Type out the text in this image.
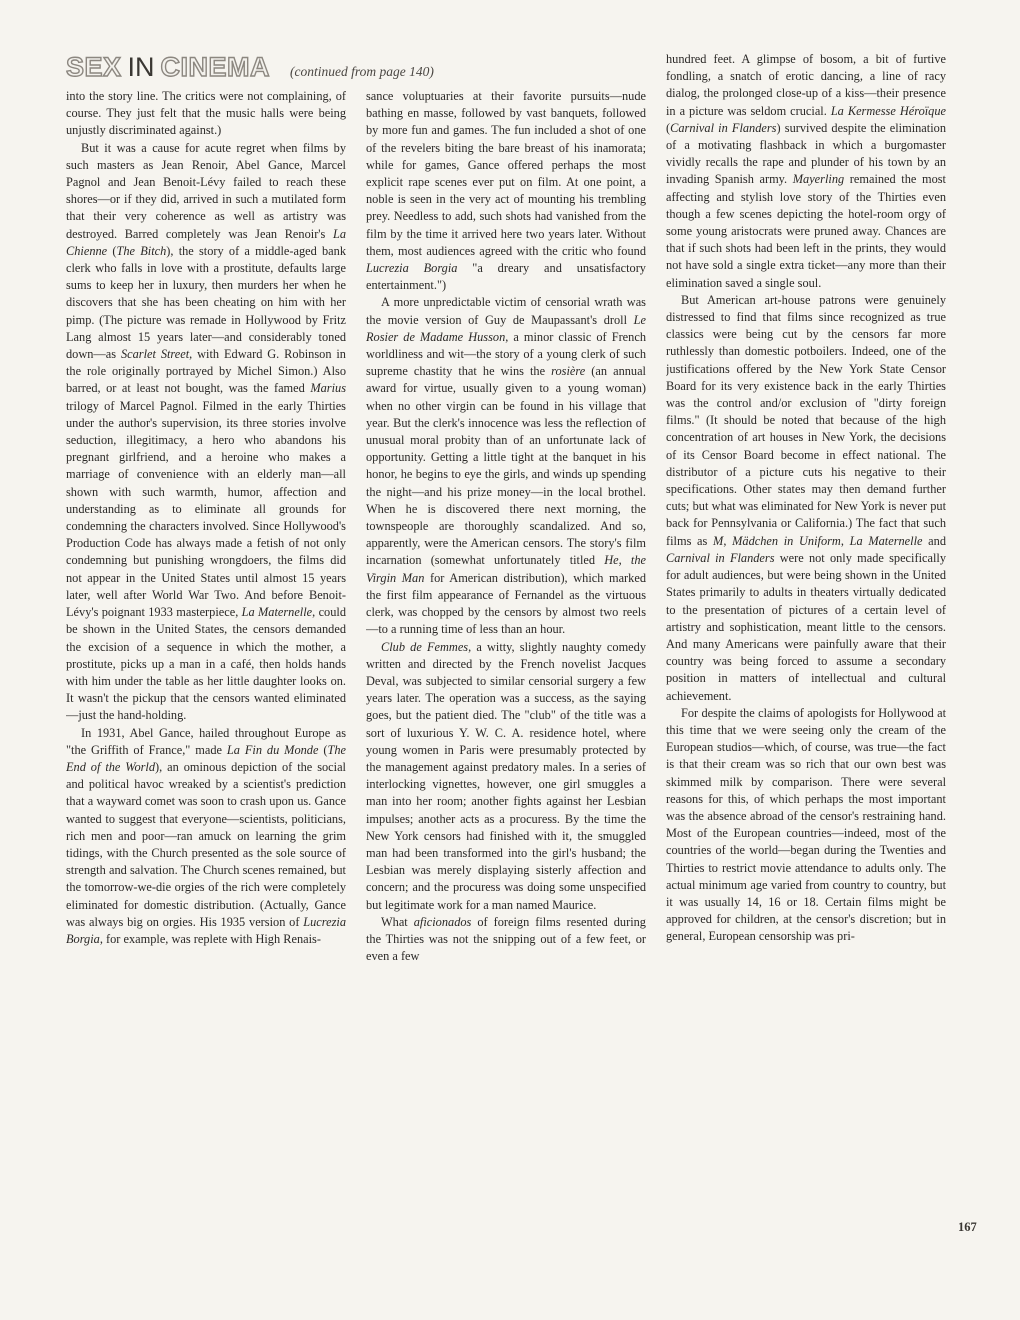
SEX IN CINEMA (continued from page 140)

into the story line. The critics were not complaining, of course. They just felt that the music halls were being unjustly discriminated against.)

But it was a cause for acute regret when films by such masters as Jean Renoir, Abel Gance, Marcel Pagnol and Jean Benoit-Lévy failed to reach these shores—or if they did, arrived in such a mutilated form that their very coherence as well as artistry was destroyed. Barred completely was Jean Renoir's La Chienne (The Bitch), the story of a middle-aged bank clerk who falls in love with a prostitute, defaults large sums to keep her in luxury, then murders her when he discovers that she has been cheating on him with her pimp. (The picture was remade in Hollywood by Fritz Lang almost 15 years later—and considerably toned down—as Scarlet Street, with Edward G. Robinson in the role originally portrayed by Michel Simon.) Also barred, or at least not bought, was the famed Marius trilogy of Marcel Pagnol. Filmed in the early Thirties under the author's supervision, its three stories involve seduction, illegitimacy, a hero who abandons his pregnant girlfriend, and a heroine who makes a marriage of convenience with an elderly man—all shown with such warmth, humor, affection and understanding as to eliminate all grounds for condemning the characters involved. Since Hollywood's Production Code has always made a fetish of not only condemning but punishing wrongdoers, the films did not appear in the United States until almost 15 years later, well after World War Two. And before Benoit-Lévy's poignant 1933 masterpiece, La Maternelle, could be shown in the United States, the censors demanded the excision of a sequence in which the mother, a prostitute, picks up a man in a café, then holds hands with him under the table as her little daughter looks on. It wasn't the pickup that the censors wanted eliminated—just the hand-holding.

In 1931, Abel Gance, hailed throughout Europe as "the Griffith of France," made La Fin du Monde (The End of the World), an ominous depiction of the social and political havoc wreaked by a scientist's prediction that a wayward comet was soon to crash upon us. Gance wanted to suggest that everyone—scientists, politicians, rich men and poor—ran amuck on learning the grim tidings, with the Church presented as the sole source of strength and salvation. The Church scenes remained, but the tomorrow-we-die orgies of the rich were completely eliminated for domestic distribution. (Actually, Gance was always big on orgies. His 1935 version of Lucrezia Borgia, for example, was replete with High Renais-

sance voluptuaries at their favorite pursuits—nude bathing en masse, followed by vast banquets, followed by more fun and games. The fun included a shot of one of the revelers biting the bare breast of his inamorata; while for games, Gance offered perhaps the most explicit rape scenes ever put on film. At one point, a noble is seen in the very act of mounting his trembling prey. Needless to add, such shots had vanished from the film by the time it arrived here two years later. Without them, most audiences agreed with the critic who found Lucrezia Borgia "a dreary and unsatisfactory entertainment.")

A more unpredictable victim of censorial wrath was the movie version of Guy de Maupassant's droll Le Rosier de Madame Husson, a minor classic of French worldliness and wit—the story of a young clerk of such supreme chastity that he wins the rosière (an annual award for virtue, usually given to a young woman) when no other virgin can be found in his village that year. But the clerk's innocence was less the reflection of unusual moral probity than of an unfortunate lack of opportunity. Getting a little tight at the banquet in his honor, he begins to eye the girls, and winds up spending the night—and his prize money—in the local brothel. When he is discovered there next morning, the townspeople are thoroughly scandalized. And so, apparently, were the American censors. The story's film incarnation (somewhat unfortunately titled He, the Virgin Man for American distribution), which marked the first film appearance of Fernandel as the virtuous clerk, was chopped by the censors by almost two reels—to a running time of less than an hour.

Club de Femmes, a witty, slightly naughty comedy written and directed by the French novelist Jacques Deval, was subjected to similar censorial surgery a few years later. The operation was a success, as the saying goes, but the patient died. The "club" of the title was a sort of luxurious Y. W. C. A. residence hotel, where young women in Paris were presumably protected by the management against predatory males. In a series of interlocking vignettes, however, one girl smuggles a man into her room; another fights against her Lesbian impulses; another acts as a procuress. By the time the New York censors had finished with it, the smuggled man had been transformed into the girl's husband; the Lesbian was merely displaying sisterly affection and concern; and the procuress was doing some unspecified but legitimate work for a man named Maurice.

What aficionados of foreign films resented during the Thirties was not the snipping out of a few feet, or even a few

hundred feet. A glimpse of bosom, a bit of furtive fondling, a snatch of erotic dancing, a line of racy dialog, the prolonged close-up of a kiss—their presence in a picture was seldom crucial. La Kermesse Héroïque (Carnival in Flanders) survived despite the elimination of a motivating flashback in which a burgomaster vividly recalls the rape and plunder of his town by an invading Spanish army. Mayerling remained the most affecting and stylish love story of the Thirties even though a few scenes depicting the hotel-room orgy of some young aristocrats were pruned away. Chances are that if such shots had been left in the prints, they would not have sold a single extra ticket—any more than their elimination saved a single soul.

But American art-house patrons were genuinely distressed to find that films since recognized as true classics were being cut by the censors far more ruthlessly than domestic potboilers. Indeed, one of the justifications offered by the New York State Censor Board for its very existence back in the early Thirties was the control and/or exclusion of "dirty foreign films." (It should be noted that because of the high concentration of art houses in New York, the decisions of its Censor Board become in effect national. The distributor of a picture cuts his negative to their specifications. Other states may then demand further cuts; but what was eliminated for New York is never put back for Pennsylvania or California.) The fact that such films as M, Mädchen in Uniform, La Maternelle and Carnival in Flanders were not only made specifically for adult audiences, but were being shown in the United States primarily to adults in theaters virtually dedicated to the presentation of pictures of a certain level of artistry and sophistication, meant little to the censors. And many Americans were painfully aware that their country was being forced to assume a secondary position in matters of intellectual and cultural achievement.

For despite the claims of apologists for Hollywood at this time that we were seeing only the cream of the European studios—which, of course, was true—the fact is that their cream was so rich that our own best was skimmed milk by comparison. There were several reasons for this, of which perhaps the most important was the absence abroad of the censor's restraining hand. Most of the European countries—indeed, most of the countries of the world—began during the Twenties and Thirties to restrict movie attendance to adults only. The actual minimum age varied from country to country, but it was usually 14, 16 or 18. Certain films might be approved for children, at the censor's discretion; but in general, European censorship was pri-

167
